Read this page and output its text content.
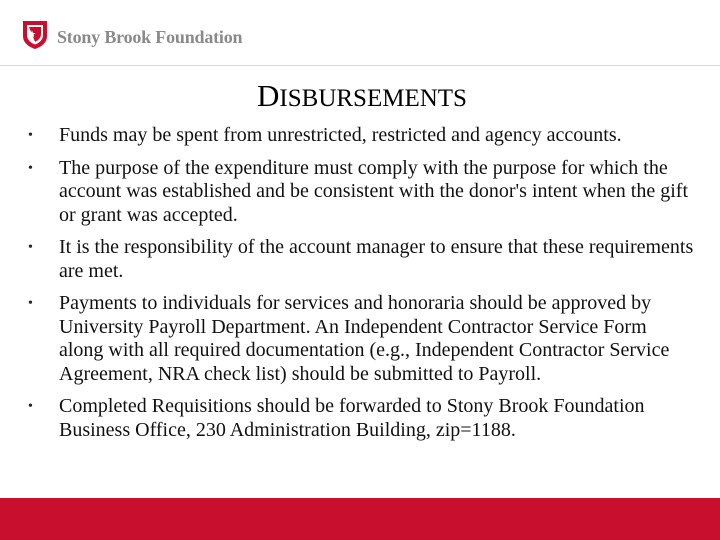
Stony Brook Foundation
DISBURSEMENTS
• Funds may be spent from unrestricted, restricted and agency accounts.
• The purpose of the expenditure must comply with the purpose for which the account was established and be consistent with the donor's intent when the gift or grant was accepted.
• It is the responsibility of the account manager to ensure that these requirements are met.
• Payments to individuals for services and honoraria should be approved by University Payroll Department. An Independent Contractor Service Form along with all required documentation (e.g., Independent Contractor Service Agreement, NRA check list) should be submitted to Payroll.
• Completed Requisitions should be forwarded to Stony Brook Foundation Business Office, 230 Administration Building, zip=1188.
